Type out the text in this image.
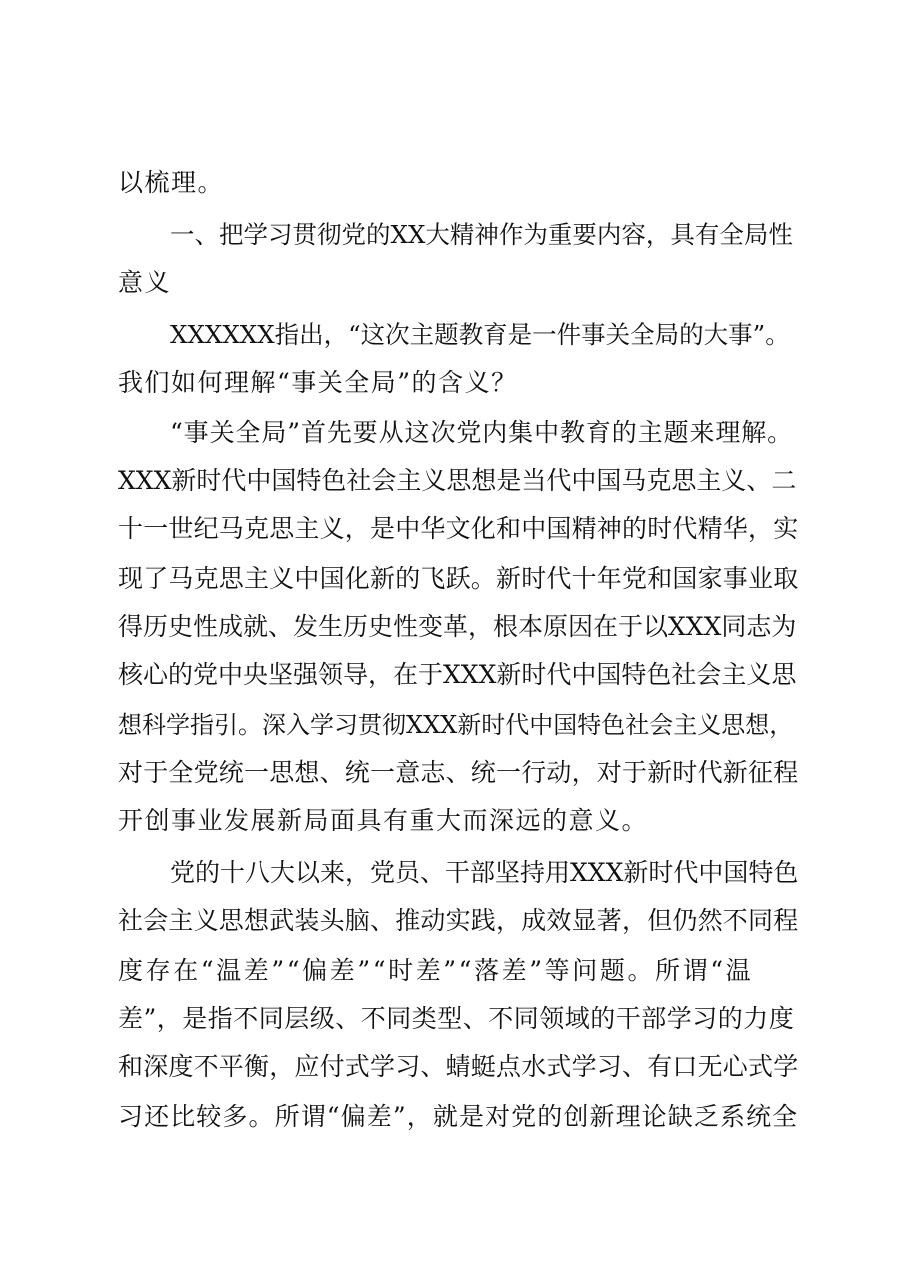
以梳理。
一、把学习贯彻党的XX大精神作为重要内容，具有全局性
意义
XXXXXX指出，“这次主题教育是一件事关全局的大事”。
我们如何理解“事关全局”的含义？
“事关全局”首先要从这次党内集中教育的主题来理解。
XXX新时代中国特色社会主义思想是当代中国马克思主义、二
十一世纪马克思主义，是中华文化和中国精神的时代精华，实
现了马克思主义中国化新的飞跃。新时代十年党和国家事业取
得历史性成就、发生历史性变革，根本原因在于以XXX同志为
核心的党中央坚强领导，在于XXX新时代中国特色社会主义思
想科学指引。深入学习贯彻XXX新时代中国特色社会主义思想，
对于全党统一思想、统一意志、统一行动，对于新时代新征程
开创事业发展新局面具有重大而深远的意义。
党的十八大以来，党员、干部坚持用XXX新时代中国特色
社会主义思想武装头脑、推动实践，成效显著，但仍然不同程
度存在“温差”“偏差”“时差”“落差”等问题。所谓“温
差”，是指不同层级、不同类型、不同领域的干部学习的力度
和深度不平衡，应付式学习、蜻蜓点水式学习、有口无心式学
习还比较多。所谓“偏差”，就是对党的创新理论缺乏系统全
